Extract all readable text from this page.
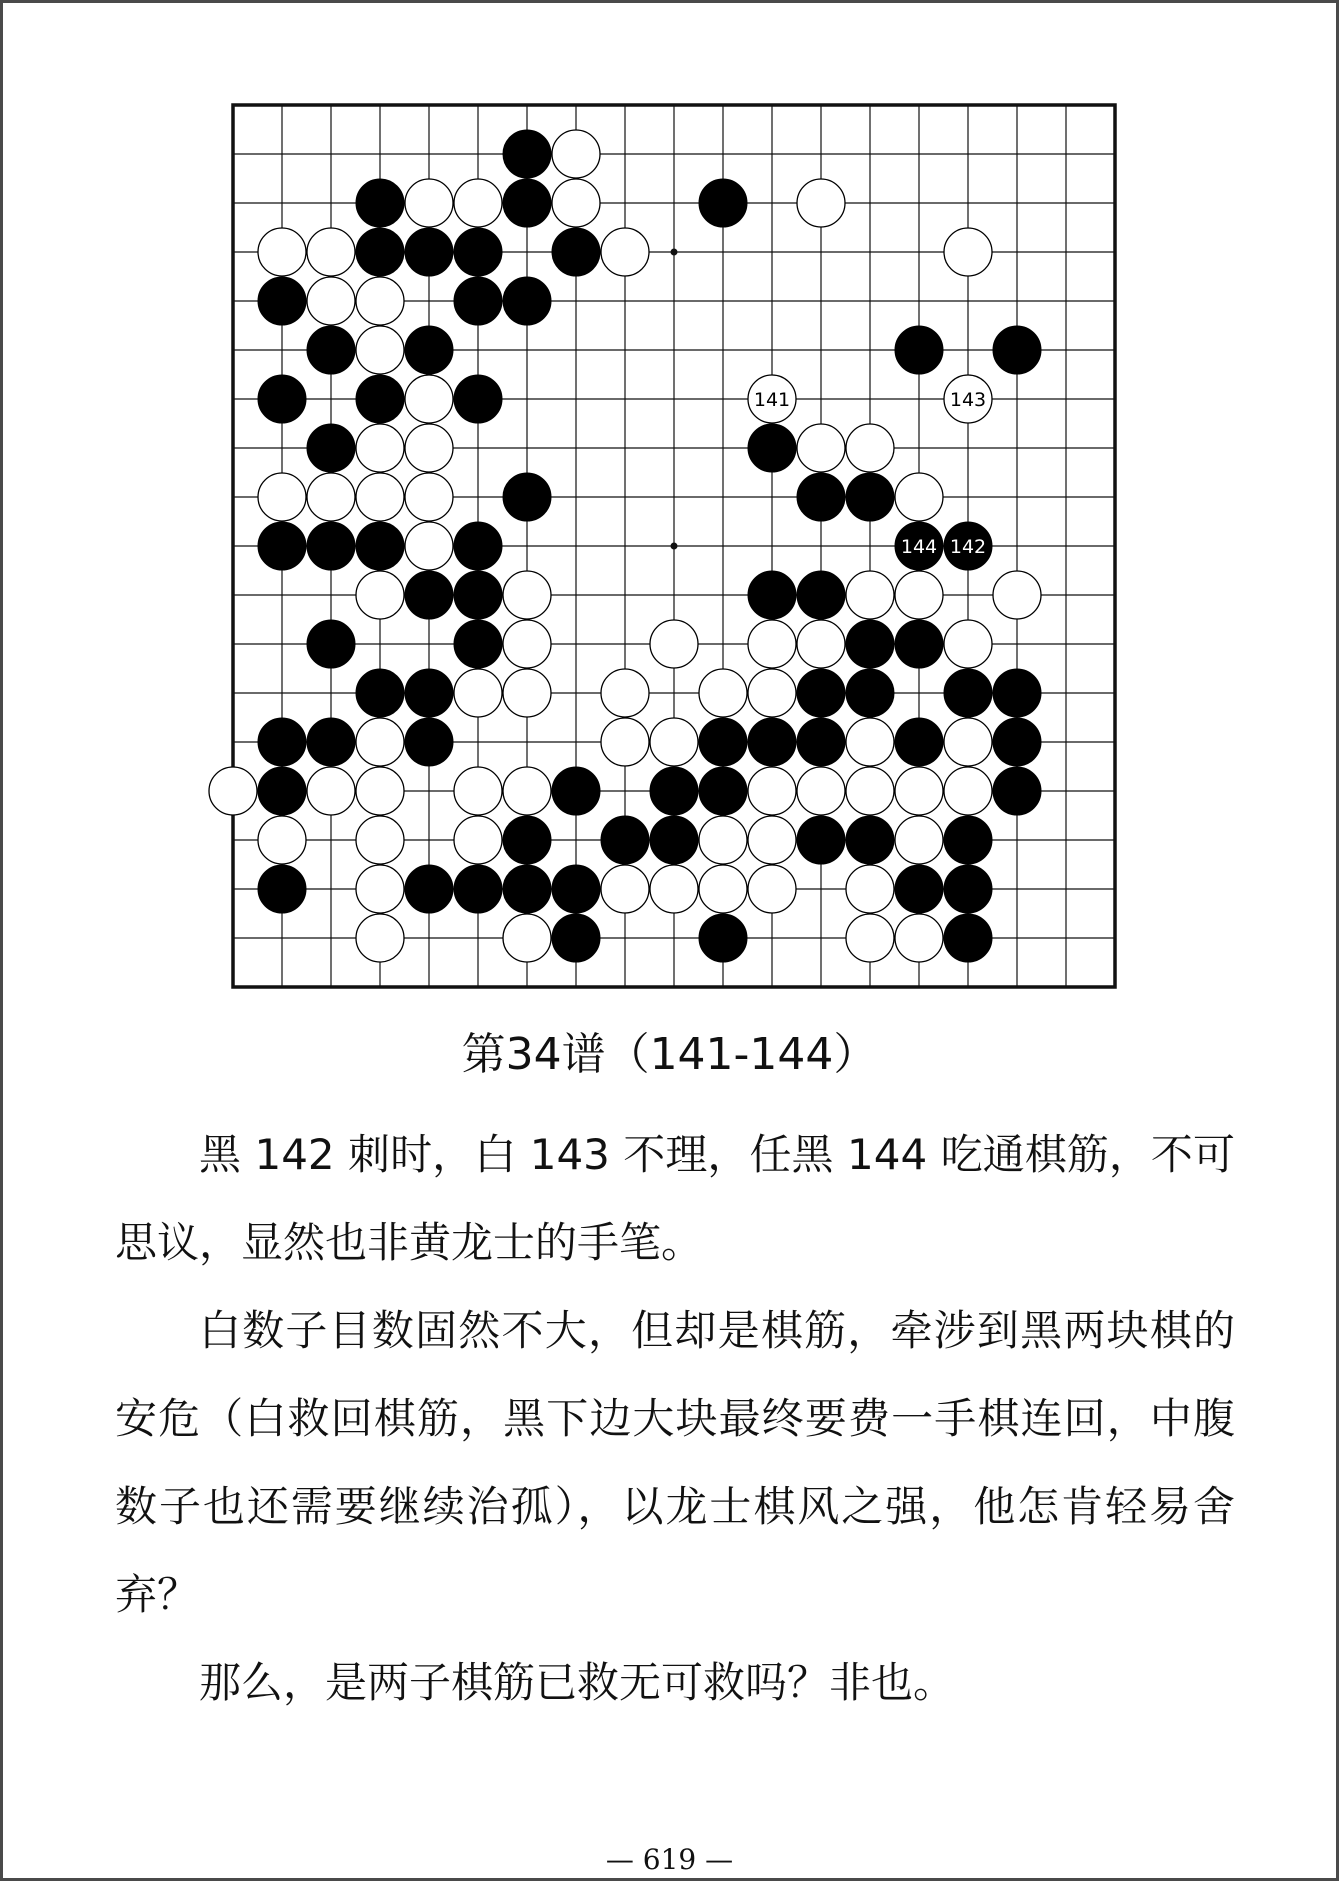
141	143
144 142
第34谱（141-144）

黑 142 刺时，白 143 不理，任黑 144 吃通棋筋，不可思议，显然也非黄龙士的手笔。

白数子目数固然不大，但却是棋筋，牵涉到黑两块棋的安危（白救回棋筋，黑下边大块最终要费一手棋连回，中腹数子也还需要继续治孤），以龙士棋风之强，他怎肯轻易舍弃？

那么，是两子棋筋已救无可救吗？非也。

— 619 —
